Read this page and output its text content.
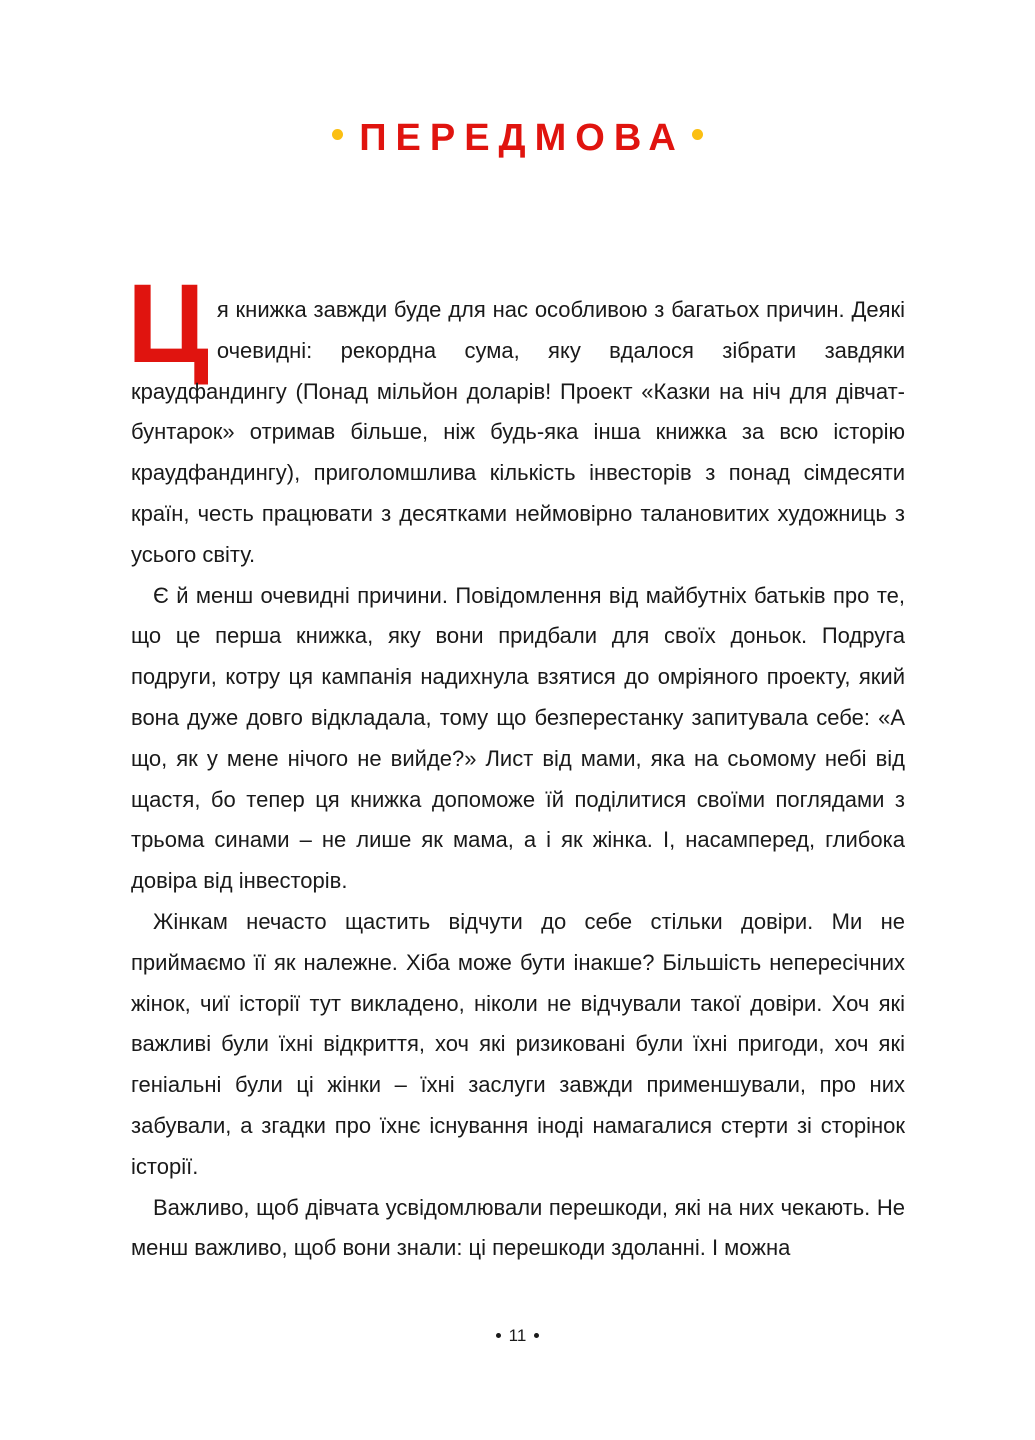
ПЕРЕДМОВА

Ця книжка завжди буде для нас особливою з багатьох причин. Деякі очевидні: рекордна сума, яку вдалося зібрати завдяки краудфандингу (Понад мільйон доларів! Проект «Казки на ніч для дівчат-бунтарок» отримав більше, ніж будь-яка інша книжка за всю історію краудфандингу), приголомшлива кількість інвесторів з понад сімдесяти країн, честь працювати з десятками неймовірно талановитих художниць з усього світу.

Є й менш очевидні причини. Повідомлення від майбутніх батьків про те, що це перша книжка, яку вони придбали для своїх доньок. Подруга подруги, котру ця кампанія надихнула взятися до омріяного проекту, який вона дуже довго відкладала, тому що безперестанку запитувала себе: «А що, як у мене нічого не вийде?» Лист від мами, яка на сьомому небі від щастя, бо тепер ця книжка допоможе їй поділитися своїми поглядами з трьома синами – не лише як мама, а і як жінка. І, насамперед, глибока довіра від інвесторів.

Жінкам нечасто щастить відчути до себе стільки довіри. Ми не приймаємо її як належне. Хіба може бути інакше? Більшість непересічних жінок, чиї історії тут викладено, ніколи не відчували такої довіри. Хоч які важливі були їхні відкриття, хоч які ризиковані були їхні пригоди, хоч які геніальні були ці жінки – їхні заслуги завжди применшували, про них забували, а згадки про їхнє існування іноді намагалися стерти зі сторінок історії.

Важливо, щоб дівчата усвідомлювали перешкоди, які на них чекають. Не менш важливо, щоб вони знали: ці перешкоди здоланні. І можна

11
